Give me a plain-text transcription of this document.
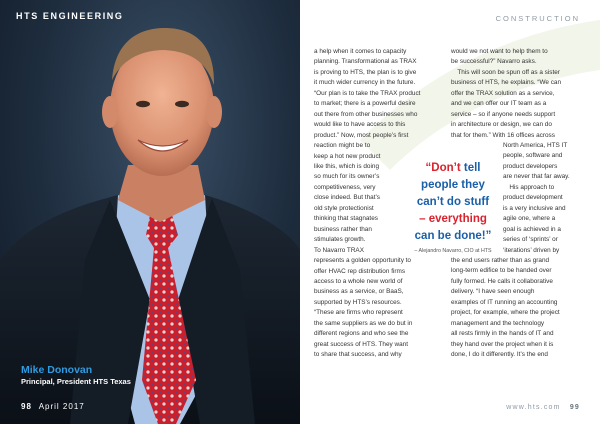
HTS ENGINEERING
Mike Donovan
Principal, President HTS Texas
98 April 2017
CONSTRUCTION
www.hts.com 99
a help when it comes to capacity
planning. Transformational as TRAX
is proving to HTS, the plan is to give
it much wider currency in the future.
“Our plan is to take the TRAX product
to market; there is a powerful desire
out there from other businesses who
would like to have access to this
product.” Now, most people’s first
reaction might be to
keep a hot new product
like this, which is doing
so much for its owner’s
competitiveness, very
close indeed. But that’s
old style protectionist
thinking that stagnates
business rather than
stimulates growth.
To Navarro TRAX
represents a golden opportunity to
offer HVAC rep distribution firms
access to a whole new world of
business as a service, or BaaS,
supported by HTS’s resources.
“These are firms who represent
the same suppliers as we do but in
different regions and who see the
great success of HTS. They want
to share that success, and why
would we not want to help them to
be successful?” Navarro asks.
 This will soon be spun off as a sister
business of HTS, he explains. “We can
offer the TRAX solution as a service,
and we can offer our IT team as a
service – so if anyone needs support
in architecture or design, we can do
that for them.” With 16 offices across
North America, HTS IT
people, software and
product developers
are never that far away.
 His approach to
product development
is a very inclusive and
agile one, where a
goal is achieved in a
series of ‘sprints’ or
‘iterations’ driven by
the end users rather than as grand
long-term edifice to be handed over
fully formed. He calls it collaborative
delivery. “I have seen enough
examples of IT running an accounting
project, for example, where the project
management and the technology
all rests firmly in the hands of IT and
they hand over the project when it is
done, I do it differently. It’s the end
“Don’t tell
people they
can’t do stuff
– everything
can be done!”
– Alejandro Navarro, CIO at HTS
